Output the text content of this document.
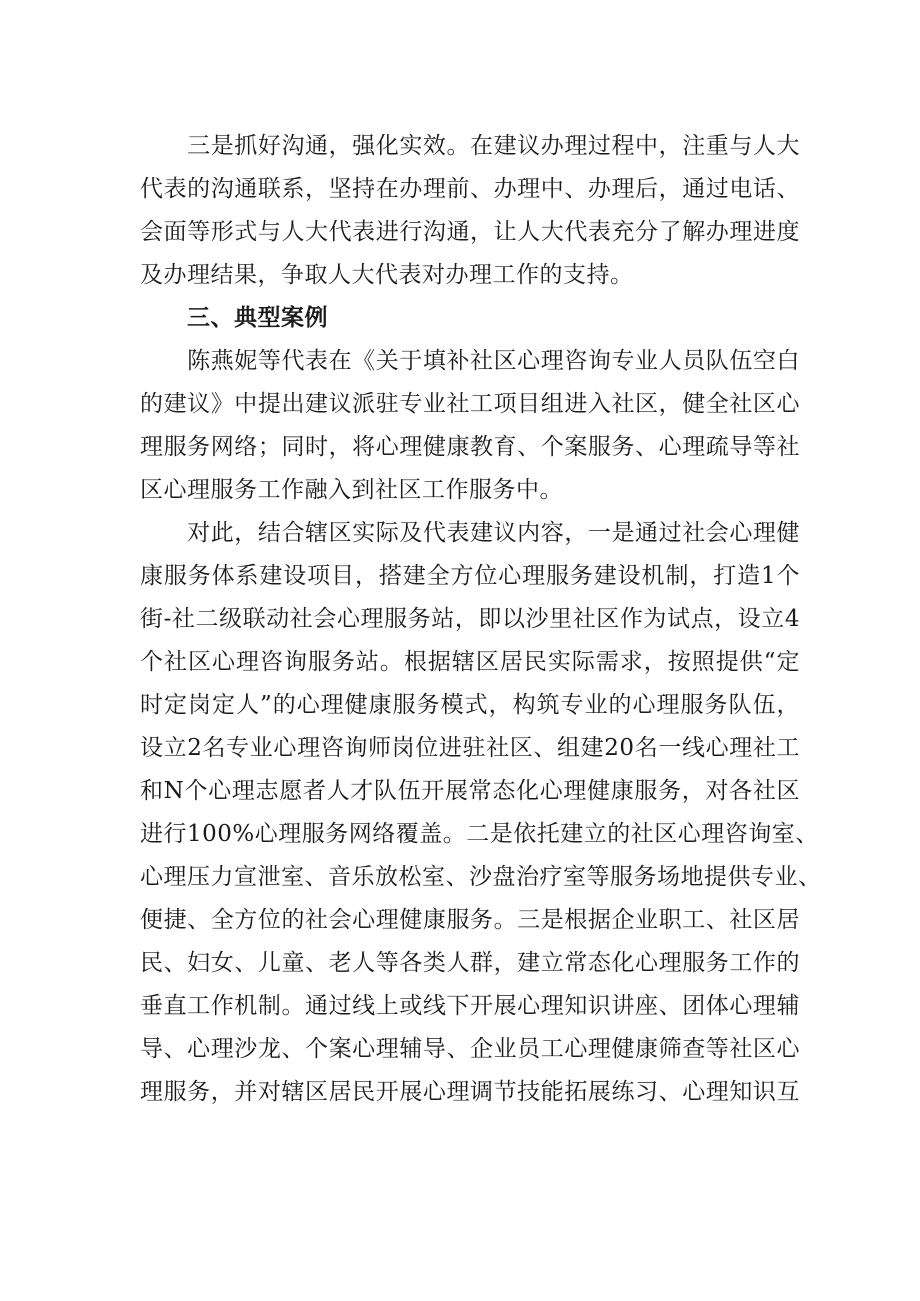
　　三是抓好沟通，强化实效。在建议办理过程中，注重与人大
代表的沟通联系，坚持在办理前、办理中、办理后，通过电话、
会面等形式与人大代表进行沟通，让人大代表充分了解办理进度
及办理结果，争取人大代表对办理工作的支持。
　　三、典型案例
　　陈燕妮等代表在《关于填补社区心理咨询专业人员队伍空白
的建议》中提出建议派驻专业社工项目组进入社区，健全社区心
理服务网络；同时，将心理健康教育、个案服务、心理疏导等社
区心理服务工作融入到社区工作服务中。
　　对此，结合辖区实际及代表建议内容，一是通过社会心理健
康服务体系建设项目，搭建全方位心理服务建设机制，打造1个
街-社二级联动社会心理服务站，即以沙里社区作为试点，设立4
个社区心理咨询服务站。根据辖区居民实际需求，按照提供“定
时定岗定人”的心理健康服务模式，构筑专业的心理服务队伍，
设立2名专业心理咨询师岗位进驻社区、组建20名一线心理社工
和N个心理志愿者人才队伍开展常态化心理健康服务，对各社区
进行100%心理服务网络覆盖。二是依托建立的社区心理咨询室、
心理压力宣泄室、音乐放松室、沙盘治疗室等服务场地提供专业、
便捷、全方位的社会心理健康服务。三是根据企业职工、社区居
民、妇女、儿童、老人等各类人群，建立常态化心理服务工作的
垂直工作机制。通过线上或线下开展心理知识讲座、团体心理辅
导、心理沙龙、个案心理辅导、企业员工心理健康筛查等社区心
理服务，并对辖区居民开展心理调节技能拓展练习、心理知识互
